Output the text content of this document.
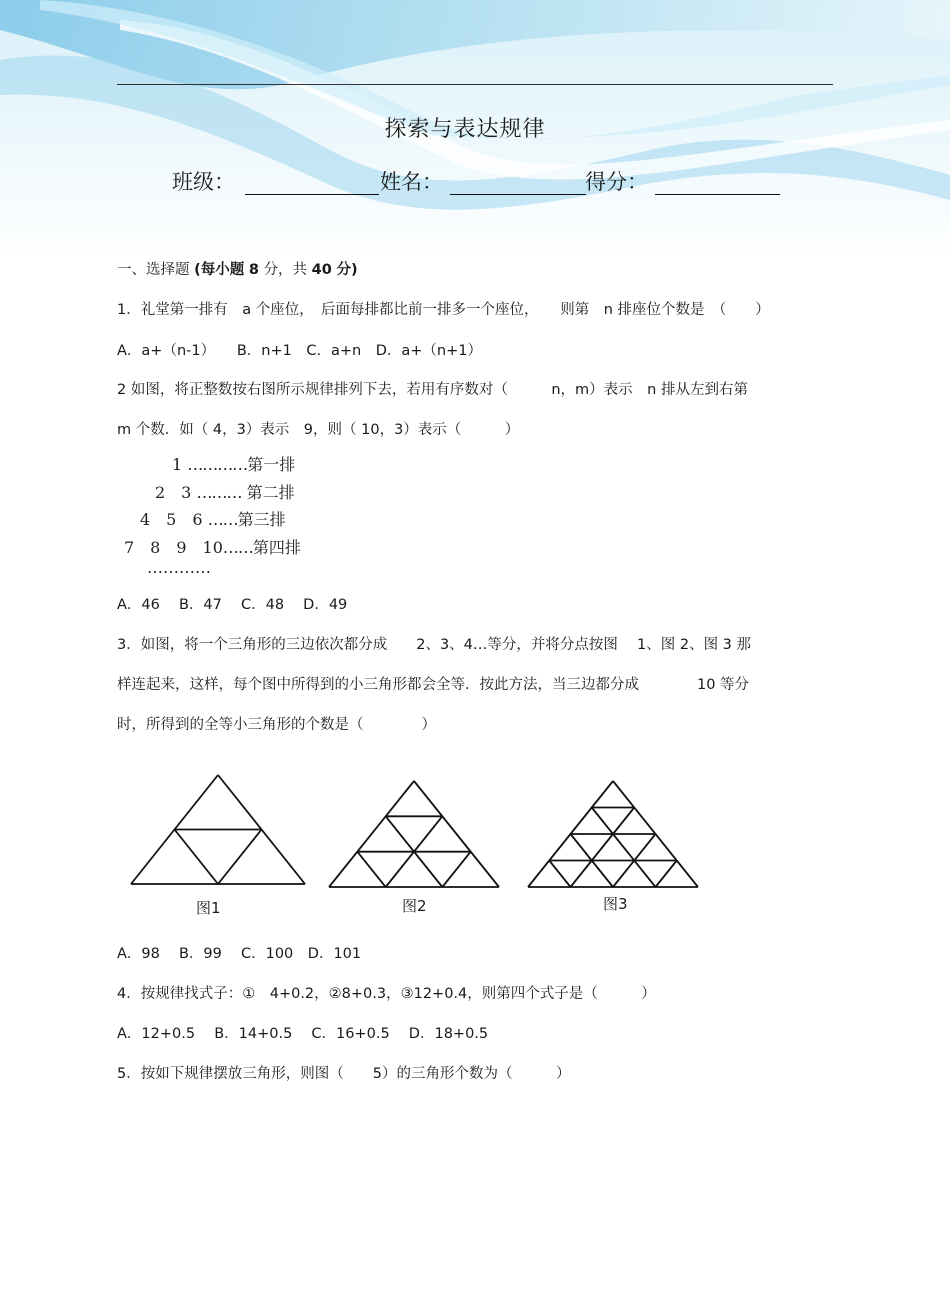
探索与表达规律
班级：	姓名：	得分：
一、选择题 (每小题 8 分，共 40 分)
1．礼堂第一排有　a 个座位，　后面每排都比前一排多一个座位，　　则第　n 排座位个数是　（　　）
A．a+（n-1）　　B．n+1　C．a+n　D．a+（n+1）
2 如图，将正整数按右图所示规律排列下去，若用有序数对（　　　n，m）表示　n 排从左到右第
m 个数．如（ 4，3）表示　9，则（ 10，3）表示（　　　）
1 …………第一排
2　3 ……… 第二排
4　5　6 ……第三排
7　8　9　10……第四排
…………
A．46　 B．47　 C．48　 D．49
3．如图，将一个三角形的三边依次都分成　　2、3、4…等分，并将分点按图　 1、图 2、图 3 那
样连起来，这样，每个图中所得到的小三角形都会全等．按此方法，当三边都分成　　　　10 等分
时，所得到的全等小三角形的个数是（　　　　）
图1	图2	图3
A．98　 B．99　 C．100　D．101
4．按规律找式子：①　4+0.2，②8+0.3，③12+0.4，则第四个式子是（　　　）
A．12+0.5　 B．14+0.5　 C．16+0.5　 D．18+0.5
5．按如下规律摆放三角形，则图（　　5）的三角形个数为（　　　）
